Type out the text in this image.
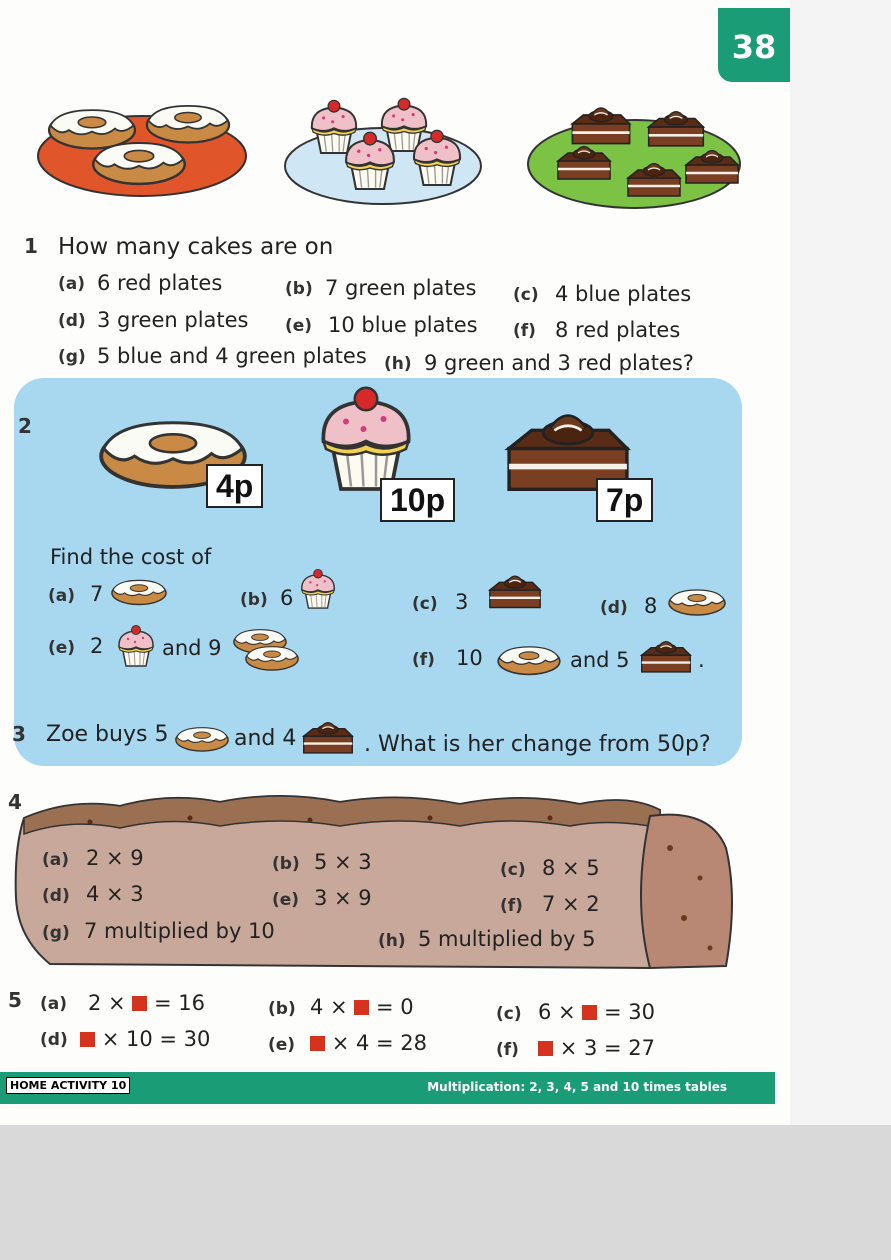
38
1 How many cakes are on
(a) 6 red plates	(b) 7 green plates (c) 4 blue plates
(d) 3 green plates (e) 10 blue plates (f) 8 red plates
(g) 5 blue and 4 green plates (h) 9 green and 3 red plates?
2
4p	10p	7p
Find the cost of
(a) 7	(b) 6	(c) 3	(d) 8
(e) 2	and 9	(f) 10	and 5	.
3 Zoe buys 5	and 4	. What is her change from 50p?
4
(a) 2 × 9	(b) 5 × 3	(c) 8 × 5
(d) 4 × 3	(e) 3 × 9	(f) 7 × 2
(g) 7 multiplied by 10	(h) 5 multiplied by 5
5 (a) 2 × = 16	(b) 4 × = 0	(c) 6 × = 30
(d)	× 10 = 30	(e)	× 4 = 28	(f)	× 3 = 27
HOME ACTIVITY 10	Multiplication: 2, 3, 4, 5 and 10 times tables
